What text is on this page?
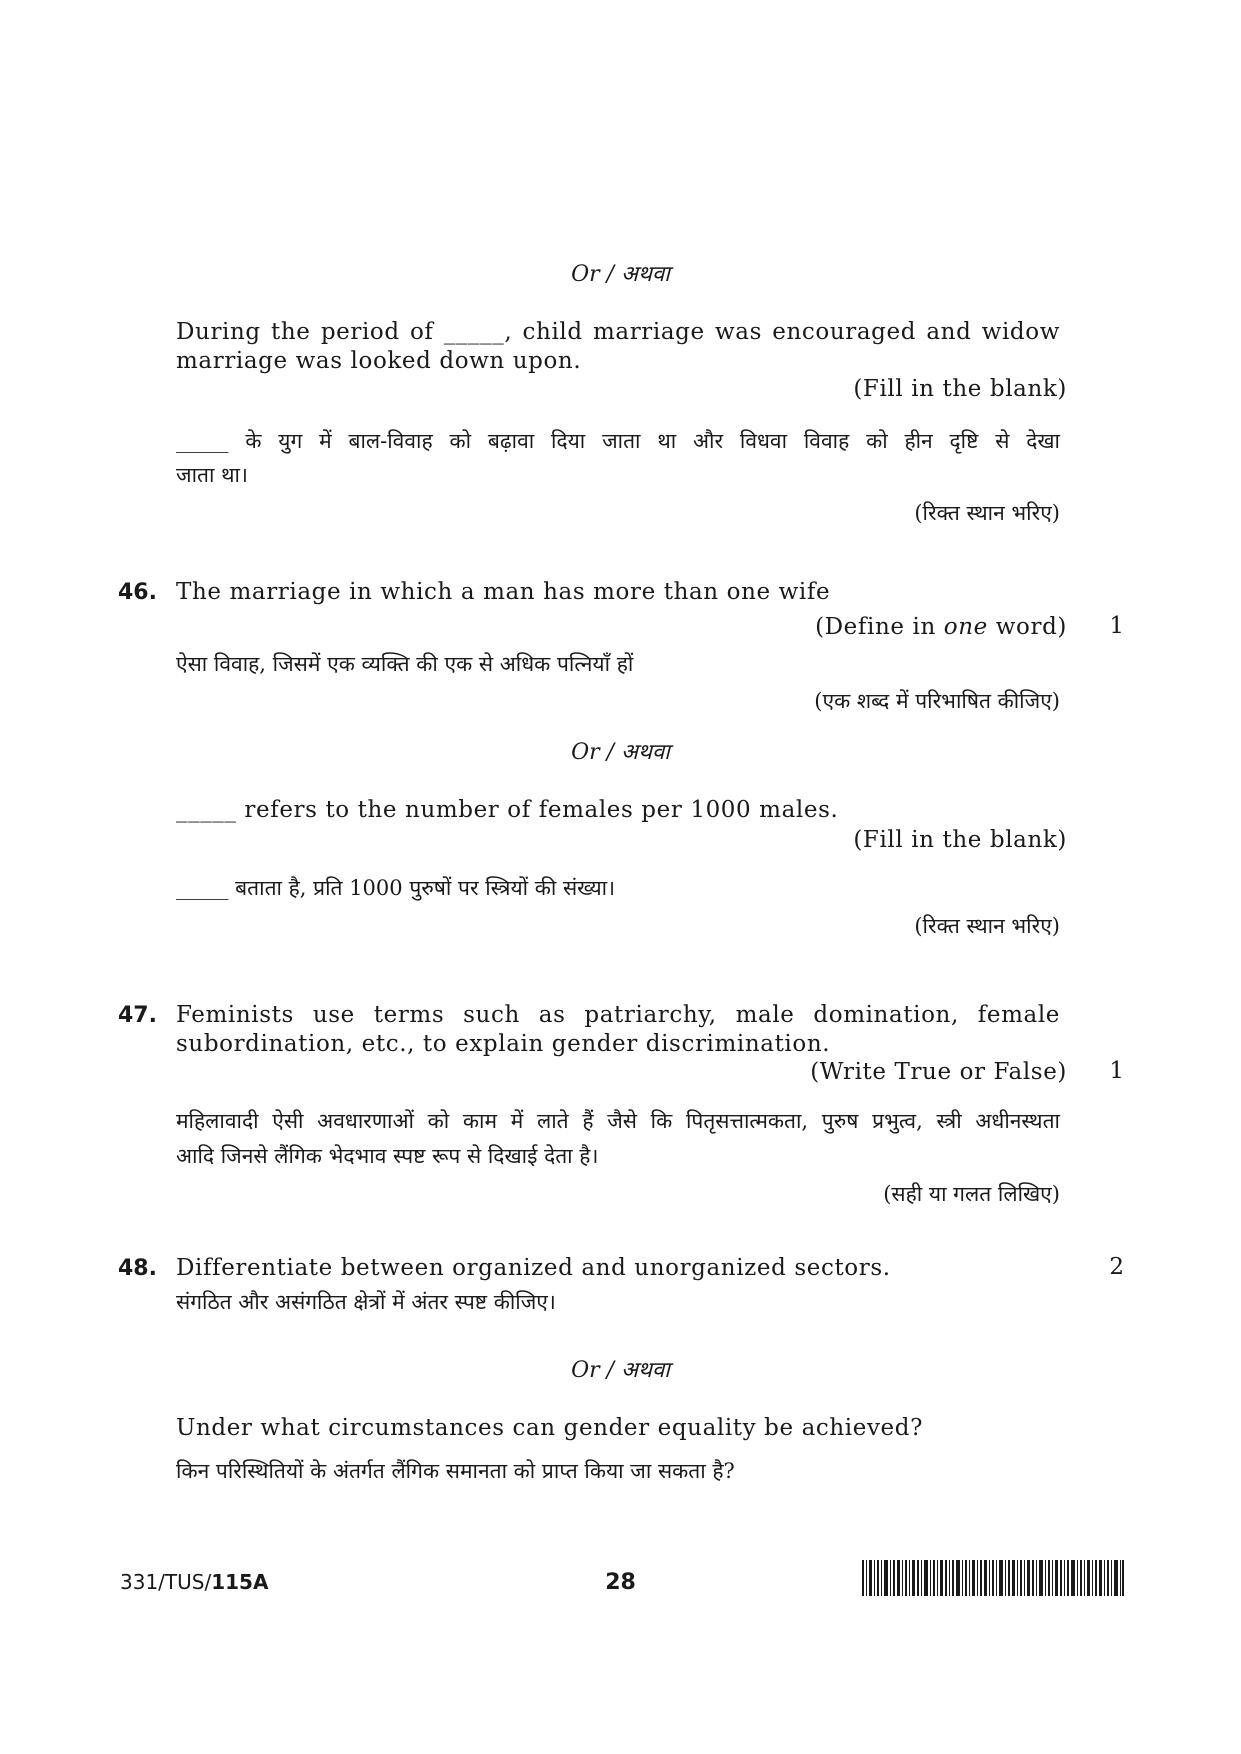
Or / अथवा
During the period of _____, child marriage was encouraged and widow
marriage was looked down upon.
(Fill in the blank)
_____ के युग में बाल-विवाह को बढ़ावा दिया जाता था और विधवा विवाह को हीन दृष्टि से देखा
जाता था।
(रिक्त स्थान भरिए)
46. The marriage in which a man has more than one wife
(Define in one word)	1
ऐसा विवाह, जिसमें एक व्यक्ति की एक से अधिक पत्नियाँ हों
(एक शब्द में परिभाषित कीजिए)
Or / अथवा
_____ refers to the number of females per 1000 males.
(Fill in the blank)
_____ बताता है, प्रति 1000 पुरुषों पर स्त्रियों की संख्या।
(रिक्त स्थान भरिए)
47. Feminists use terms such as patriarchy, male domination, female
subordination, etc., to explain gender discrimination.
(Write True or False)	1
महिलावादी ऐसी अवधारणाओं को काम में लाते हैं जैसे कि पितृसत्तात्मकता, पुरुष प्रभुत्व, स्त्री अधीनस्थता
आदि जिनसे लैंगिक भेदभाव स्पष्ट रूप से दिखाई देता है।
(सही या गलत लिखिए)
48. Differentiate between organized and unorganized sectors.	2
संगठित और असंगठित क्षेत्रों में अंतर स्पष्ट कीजिए।
Or / अथवा
Under what circumstances can gender equality be achieved?
किन परिस्थितियों के अंतर्गत लैंगिक समानता को प्राप्त किया जा सकता है?
331/TUS/115A	28
